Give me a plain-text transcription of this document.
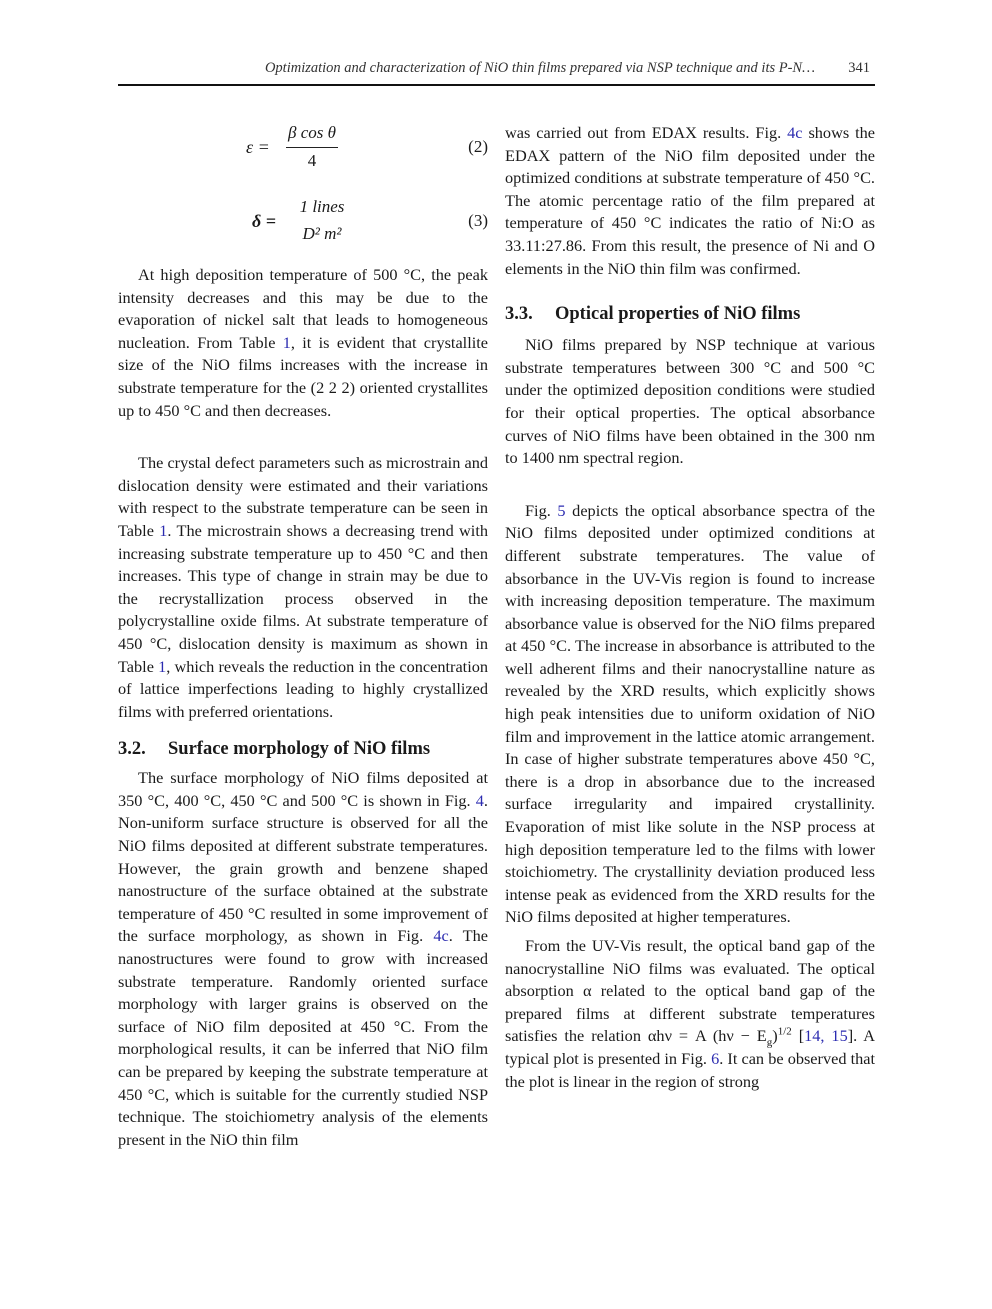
Optimization and characterization of NiO thin films prepared via NSP technique and its P-N… 341
ε =
β cos θ
4
(2)
δ =
1 lines
D² m²
(3)

At high deposition temperature of 500 °C, the peak intensity decreases and this may be due to the evaporation of nickel salt that leads to homogeneous nucleation. From Table 1, it is evident that crystallite size of the NiO films increases with the increase in substrate temperature for the (2 2 2) oriented crystallites up to 450 °C and then decreases.

The crystal defect parameters such as microstrain and dislocation density were estimated and their variations with respect to the substrate temperature can be seen in Table 1. The microstrain shows a decreasing trend with increasing substrate temperature up to 450 °C and then increases. This type of change in strain may be due to the recrystallization process observed in the polycrystalline oxide films. At substrate temperature of 450 °C, dislocation density is maximum as shown in Table 1, which reveals the reduction in the concentration of lattice imperfections leading to highly crystallized films with preferred orientations.

3.2. Surface morphology of NiO films

The surface morphology of NiO films deposited at 350 °C, 400 °C, 450 °C and 500 °C is shown in Fig. 4. Non-uniform surface structure is observed for all the NiO films deposited at different substrate temperatures. However, the grain growth and benzene shaped nanostructure of the surface obtained at the substrate temperature of 450 °C resulted in some improvement of the surface morphology, as shown in Fig. 4c. The nanostructures were found to grow with increased substrate temperature. Randomly oriented surface morphology with larger grains is observed on the surface of NiO film deposited at 450 °C. From the morphological results, it can be inferred that NiO film can be prepared by keeping the substrate temperature at 450 °C, which is suitable for the currently studied NSP technique. The stoichiometry analysis of the elements present in the NiO thin film

was carried out from EDAX results. Fig. 4c shows the EDAX pattern of the NiO film deposited under the optimized conditions at substrate temperature of 450 °C. The atomic percentage ratio of the film prepared at temperature of 450 °C indicates the ratio of Ni:O as 33.11:27.86. From this result, the presence of Ni and O elements in the NiO thin film was confirmed.

3.3. Optical properties of NiO films

NiO films prepared by NSP technique at various substrate temperatures between 300 °C and 500 °C under the optimized deposition conditions were studied for their optical properties. The optical absorbance curves of NiO films have been obtained in the 300 nm to 1400 nm spectral region.

Fig. 5 depicts the optical absorbance spectra of the NiO films deposited under optimized conditions at different substrate temperatures. The value of absorbance in the UV-Vis region is found to increase with increasing deposition temperature. The maximum absorbance value is observed for the NiO films prepared at 450 °C. The increase in absorbance is attributed to the well adherent films and their nanocrystalline nature as revealed by the XRD results, which explicitly shows high peak intensities due to uniform oxidation of NiO film and improvement in the lattice atomic arrangement. In case of higher substrate temperatures above 450 °C, there is a drop in absorbance due to the increased surface irregularity and impaired crystallinity. Evaporation of mist like solute in the NSP process at high deposition temperature led to the films with lower stoichiometry. The crystallinity deviation produced less intense peak as evidenced from the XRD results for the NiO films deposited at higher temperatures.

From the UV-Vis result, the optical band gap of the nanocrystalline NiO films was evaluated. The optical absorption α related to the optical band gap of the prepared films at different substrate temperatures satisfies the relation αhν = A $(h\nu - E_g)^{1/2}$ [14, 15]. A typical plot is presented in Fig. 6. It can be observed that the plot is linear in the region of strong
